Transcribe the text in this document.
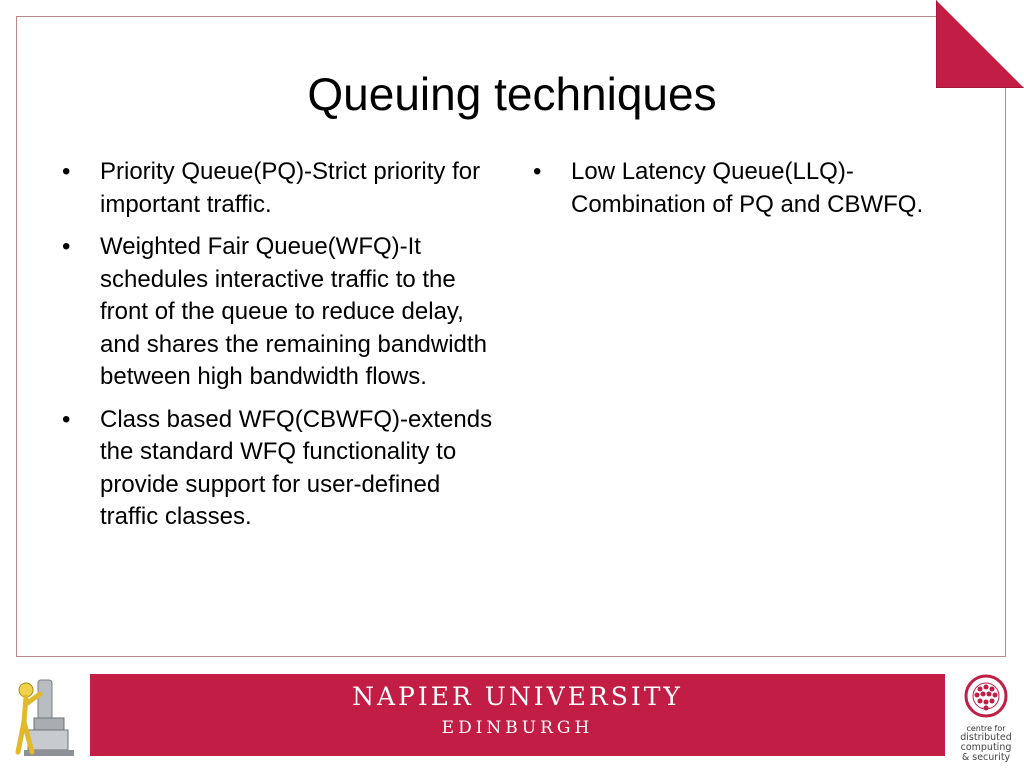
Queuing techniques
•	Priority Queue(PQ)-Strict priority for important traffic.
•	Weighted Fair Queue(WFQ)-It schedules interactive traffic to the front of the queue to reduce delay, and shares the remaining bandwidth between high bandwidth flows.
•	Class based WFQ(CBWFQ)-extends the standard WFQ functionality to provide support for user-defined traffic classes.
•	Low Latency Queue(LLQ)-Combination of PQ and CBWFQ.
NAPIER UNIVERSITY
EDINBURGH	centre for
distributed
computing
& security
